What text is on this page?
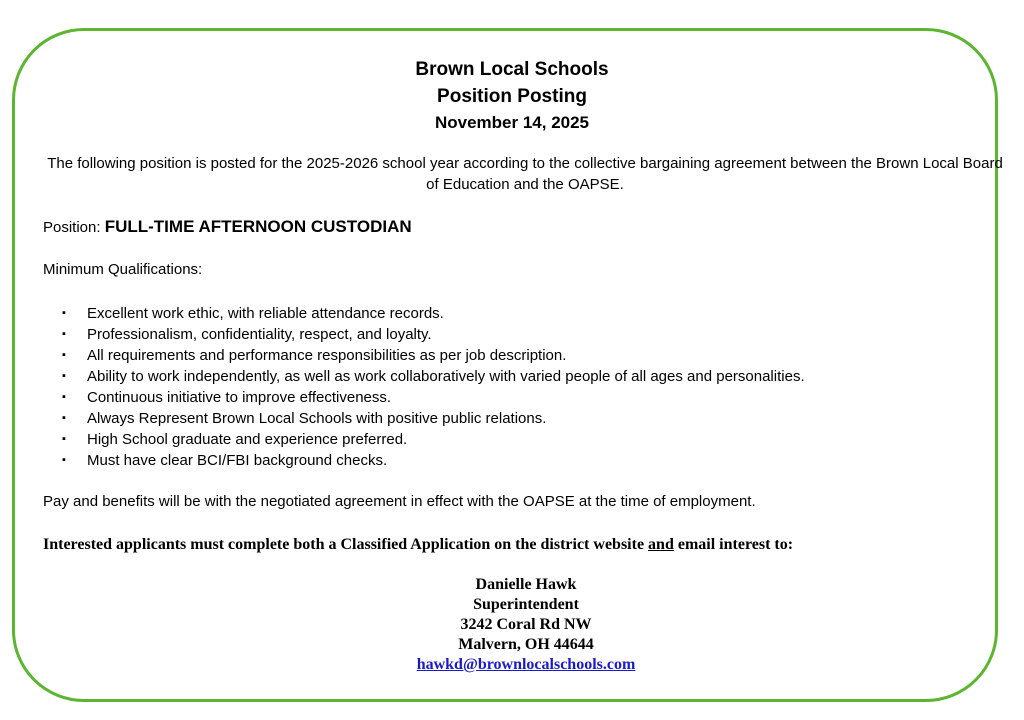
Brown Local Schools
Position Posting
November 14, 2025
The following position is posted for the 2025-2026 school year according to the collective bargaining agreement between the Brown Local Board of Education and the OAPSE.
Position: FULL-TIME AFTERNOON CUSTODIAN
Minimum Qualifications:
▪ Excellent work ethic, with reliable attendance records.
▪ Professionalism, confidentiality, respect, and loyalty.
▪ All requirements and performance responsibilities as per job description.
▪ Ability to work independently, as well as work collaboratively with varied people of all ages and personalities.
▪ Continuous initiative to improve effectiveness.
▪ Always Represent Brown Local Schools with positive public relations.
▪ High School graduate and experience preferred.
▪ Must have clear BCI/FBI background checks.
Pay and benefits will be with the negotiated agreement in effect with the OAPSE at the time of employment.
Interested applicants must complete both a Classified Application on the district website and email interest to:
Danielle Hawk
Superintendent
3242 Coral Rd NW
Malvern, OH 44644
hawkd@brownlocalschools.com
